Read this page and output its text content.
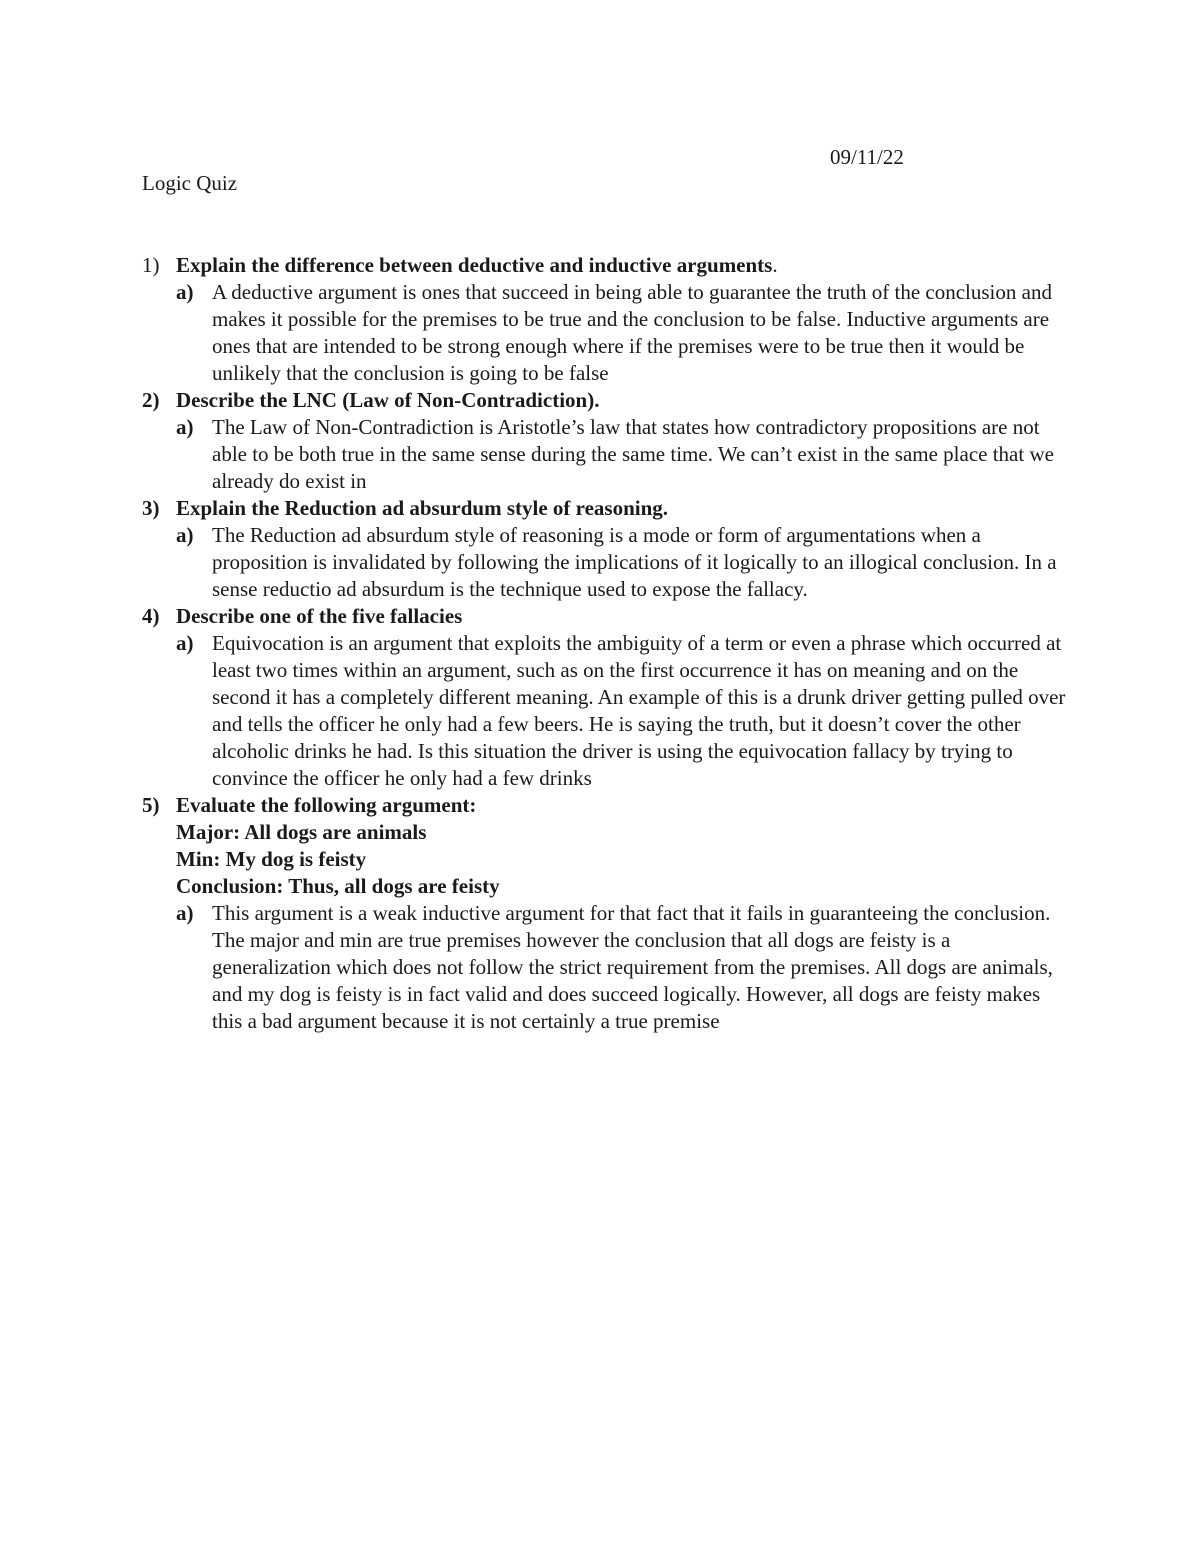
09/11/22
Logic Quiz
1) Explain the difference between deductive and inductive arguments.
a) A deductive argument is ones that succeed in being able to guarantee the truth of the conclusion and makes it possible for the premises to be true and the conclusion to be false. Inductive arguments are ones that are intended to be strong enough where if the premises were to be true then it would be unlikely that the conclusion is going to be false
2) Describe the LNC (Law of Non-Contradiction).
a) The Law of Non-Contradiction is Aristotle’s law that states how contradictory propositions are not able to be both true in the same sense during the same time. We can’t exist in the same place that we already do exist in
3) Explain the Reduction ad absurdum style of reasoning.
a) The Reduction ad absurdum style of reasoning is a mode or form of argumentations when a proposition is invalidated by following the implications of it logically to an illogical conclusion. In a sense reductio ad absurdum is the technique used to expose the fallacy.
4) Describe one of the five fallacies
a) Equivocation is an argument that exploits the ambiguity of a term or even a phrase which occurred at least two times within an argument, such as on the first occurrence it has on meaning and on the second it has a completely different meaning. An example of this is a drunk driver getting pulled over and tells the officer he only had a few beers. He is saying the truth, but it doesn’t cover the other alcoholic drinks he had. Is this situation the driver is using the equivocation fallacy by trying to convince the officer he only had a few drinks
5) Evaluate the following argument:
Major: All dogs are animals
Min: My dog is feisty
Conclusion: Thus, all dogs are feisty
a) This argument is a weak inductive argument for that fact that it fails in guaranteeing the conclusion. The major and min are true premises however the conclusion that all dogs are feisty is a generalization which does not follow the strict requirement from the premises. All dogs are animals, and my dog is feisty is in fact valid and does succeed logically. However, all dogs are feisty makes this a bad argument because it is not certainly a true premise
